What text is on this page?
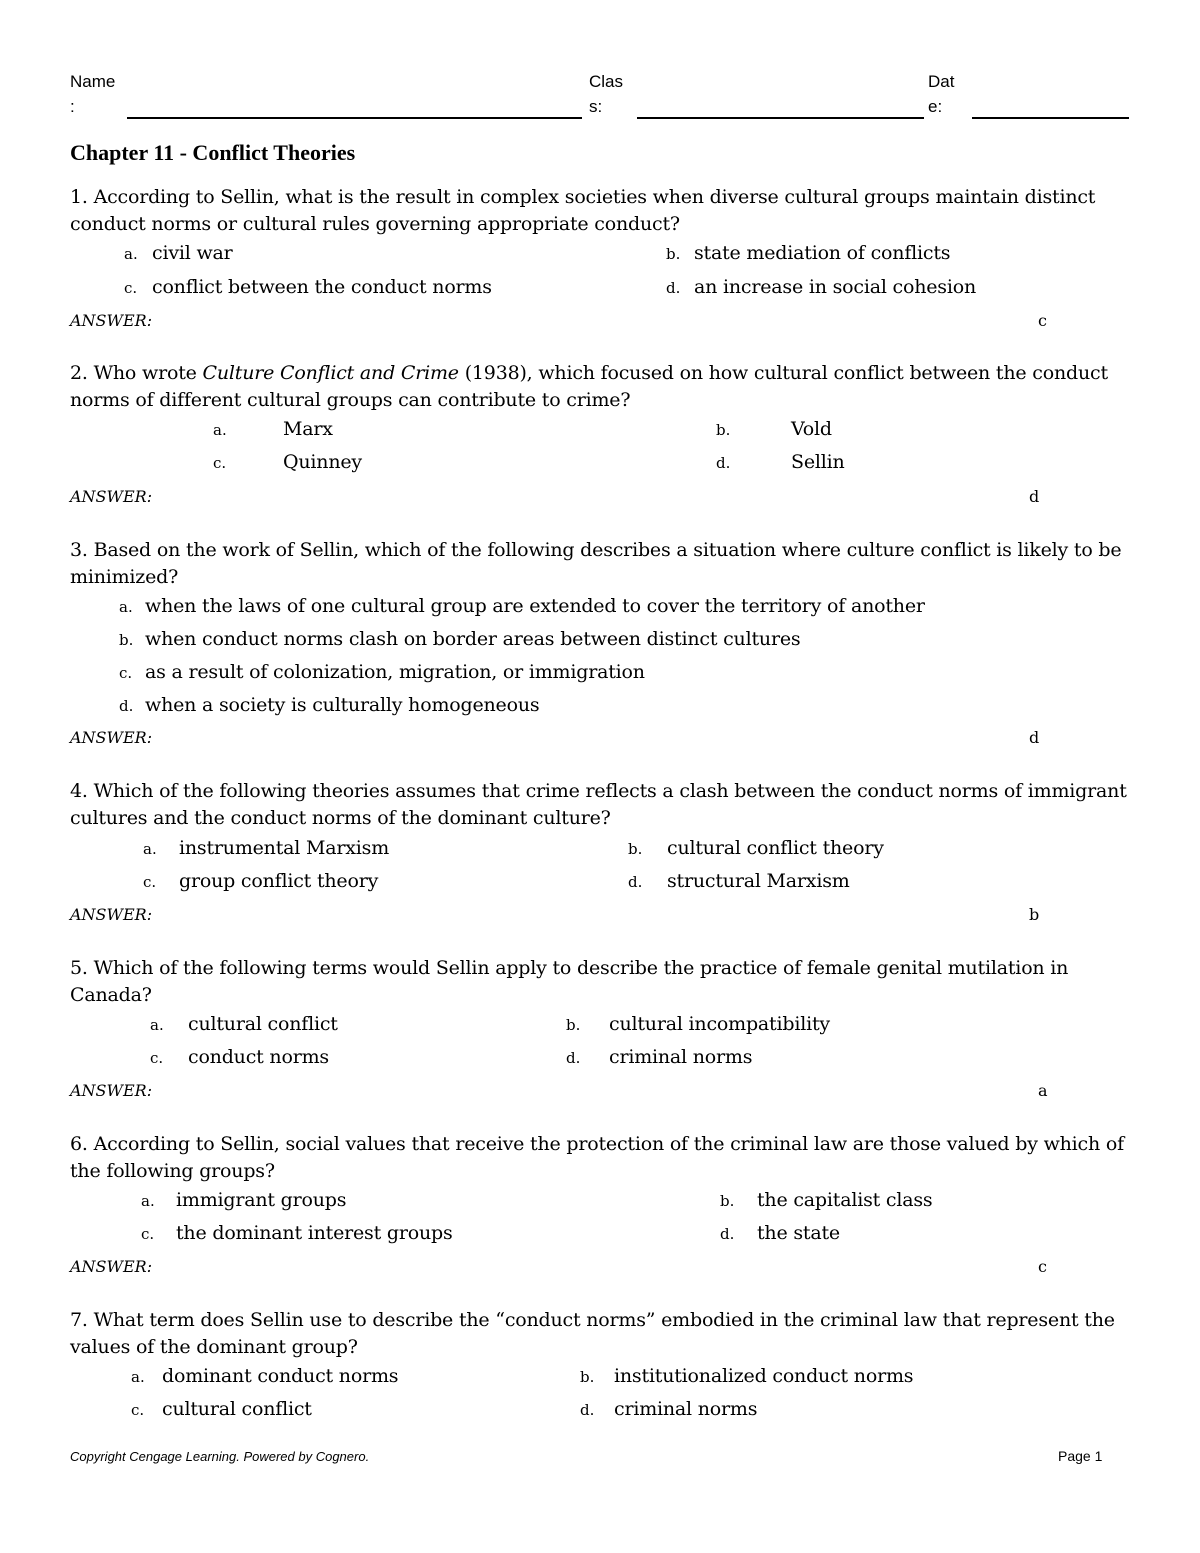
Name
:
Clas
s:
Dat
e:
Chapter 11 - Conflict Theories
1. According to Sellin, what is the result in complex societies when diverse cultural groups maintain distinct conduct norms or cultural rules governing appropriate conduct?
a. civil war	b. state mediation of conflicts
c. conflict between the conduct norms	d. an increase in social cohesion
ANSWER:	c
2. Who wrote Culture Conflict and Crime (1938), which focused on how cultural conflict between the conduct norms of different cultural groups can contribute to crime?
a.	Marx	b.	Vold
c.	Quinney	d.	Sellin
ANSWER:	d
3. Based on the work of Sellin, which of the following describes a situation where culture conflict is likely to be minimized?
a. when the laws of one cultural group are extended to cover the territory of another
b. when conduct norms clash on border areas between distinct cultures
c. as a result of colonization, migration, or immigration
d. when a society is culturally homogeneous
ANSWER:	d
4. Which of the following theories assumes that crime reflects a clash between the conduct norms of immigrant cultures and the conduct norms of the dominant culture?
a. instrumental Marxism	b. cultural conflict theory
c. group conflict theory	d. structural Marxism
ANSWER:	b
5. Which of the following terms would Sellin apply to describe the practice of female genital mutilation in Canada?
a. cultural conflict	b. cultural incompatibility
c. conduct norms	d. criminal norms
ANSWER:	a
6. According to Sellin, social values that receive the protection of the criminal law are those valued by which of the following groups?
a. immigrant groups	b. the capitalist class
c. the dominant interest groups	d. the state
ANSWER:	c
7. What term does Sellin use to describe the “conduct norms” embodied in the criminal law that represent the values of the dominant group?
a. dominant conduct norms	b. institutionalized conduct norms
c. cultural conflict	d. criminal norms
Copyright Cengage Learning. Powered by Cognero.	Page 1
